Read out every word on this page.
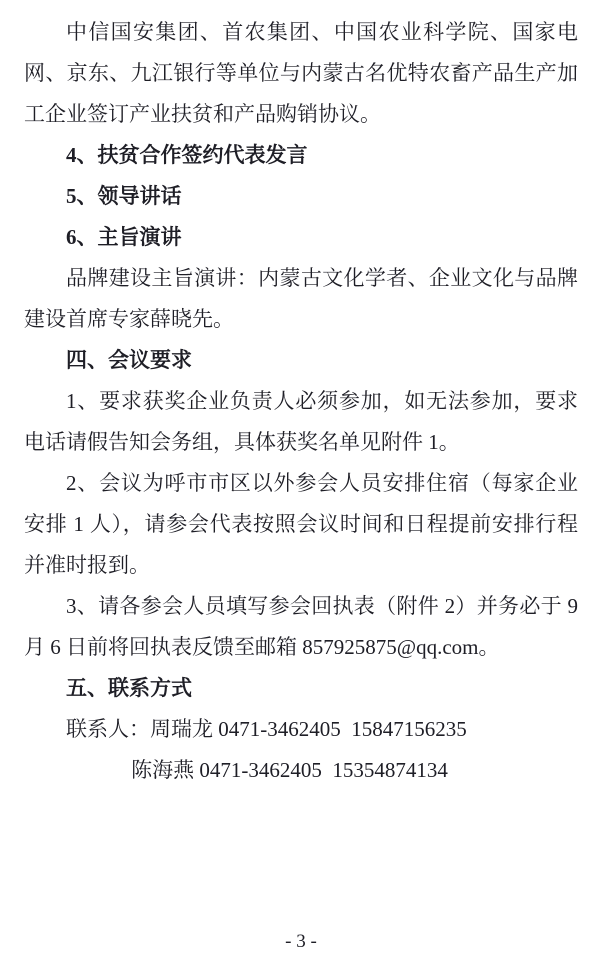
中信国安集团、首农集团、中国农业科学院、国家电网、京东、九江银行等单位与内蒙古名优特农畜产品生产加工企业签订产业扶贫和产品购销协议。

4、扶贫合作签约代表发言

5、领导讲话

6、主旨演讲

品牌建设主旨演讲：内蒙古文化学者、企业文化与品牌建设首席专家薛晓先。

四、会议要求

1、要求获奖企业负责人必须参加，如无法参加，要求电话请假告知会务组，具体获奖名单见附件 1。

2、会议为呼市市区以外参会人员安排住宿（每家企业安排 1 人），请参会代表按照会议时间和日程提前安排行程并准时报到。

3、请各参会人员填写参会回执表（附件 2）并务必于 9 月 6 日前将回执表反馈至邮箱 857925875@qq.com。

五、联系方式

联系人：周瑞龙 0471-3462405  15847156235

陈海燕 0471-3462405  15354874134

- 3 -
